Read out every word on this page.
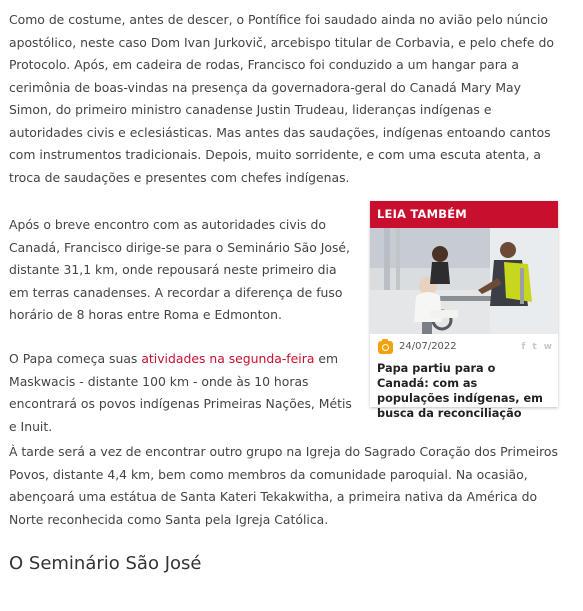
Como de costume, antes de descer, o Pontífice foi saudado ainda no avião pelo núncio apostólico, neste caso Dom Ivan Jurkovič, arcebispo titular de Corbavia, e pelo chefe do Protocolo. Após, em cadeira de rodas, Francisco foi conduzido a um hangar para a cerimônia de boas-vindas na presença da governadora-geral do Canadá Mary May Simon, do primeiro ministro canadense Justin Trudeau, lideranças indígenas e autoridades civis e eclesiásticas. Mas antes das saudações, indígenas entoando cantos com instrumentos tradicionais. Depois, muito sorridente, e com uma escuta atenta, a troca de saudações e presentes com chefes indígenas.

Após o breve encontro com as autoridades civis do Canadá, Francisco dirige-se para o Seminário São José, distante 31,1 km, onde repousará neste primeiro dia em terras canadenses. A recordar a diferença de fuso horário de 8 horas entre Roma e Edmonton.

O Papa começa suas atividades na segunda-feira em Maskwacis - distante 100 km - onde às 10 horas encontrará os povos indígenas Primeiras Nações, Métis e Inuit.

À tarde será a vez de encontrar outro grupo na Igreja do Sagrado Coração dos Primeiros Povos, distante 4,4 km, bem como membros da comunidade paroquial. Na ocasião, abençoará uma estátua de Santa Kateri Tekakwitha, a primeira nativa da América do Norte reconhecida como Santa pela Igreja Católica.

O Seminário São José
LEIA TAMBÉM
24/07/2022	f t w
Papa partiu para o Canadá: com as populações indígenas, em busca da reconciliação
